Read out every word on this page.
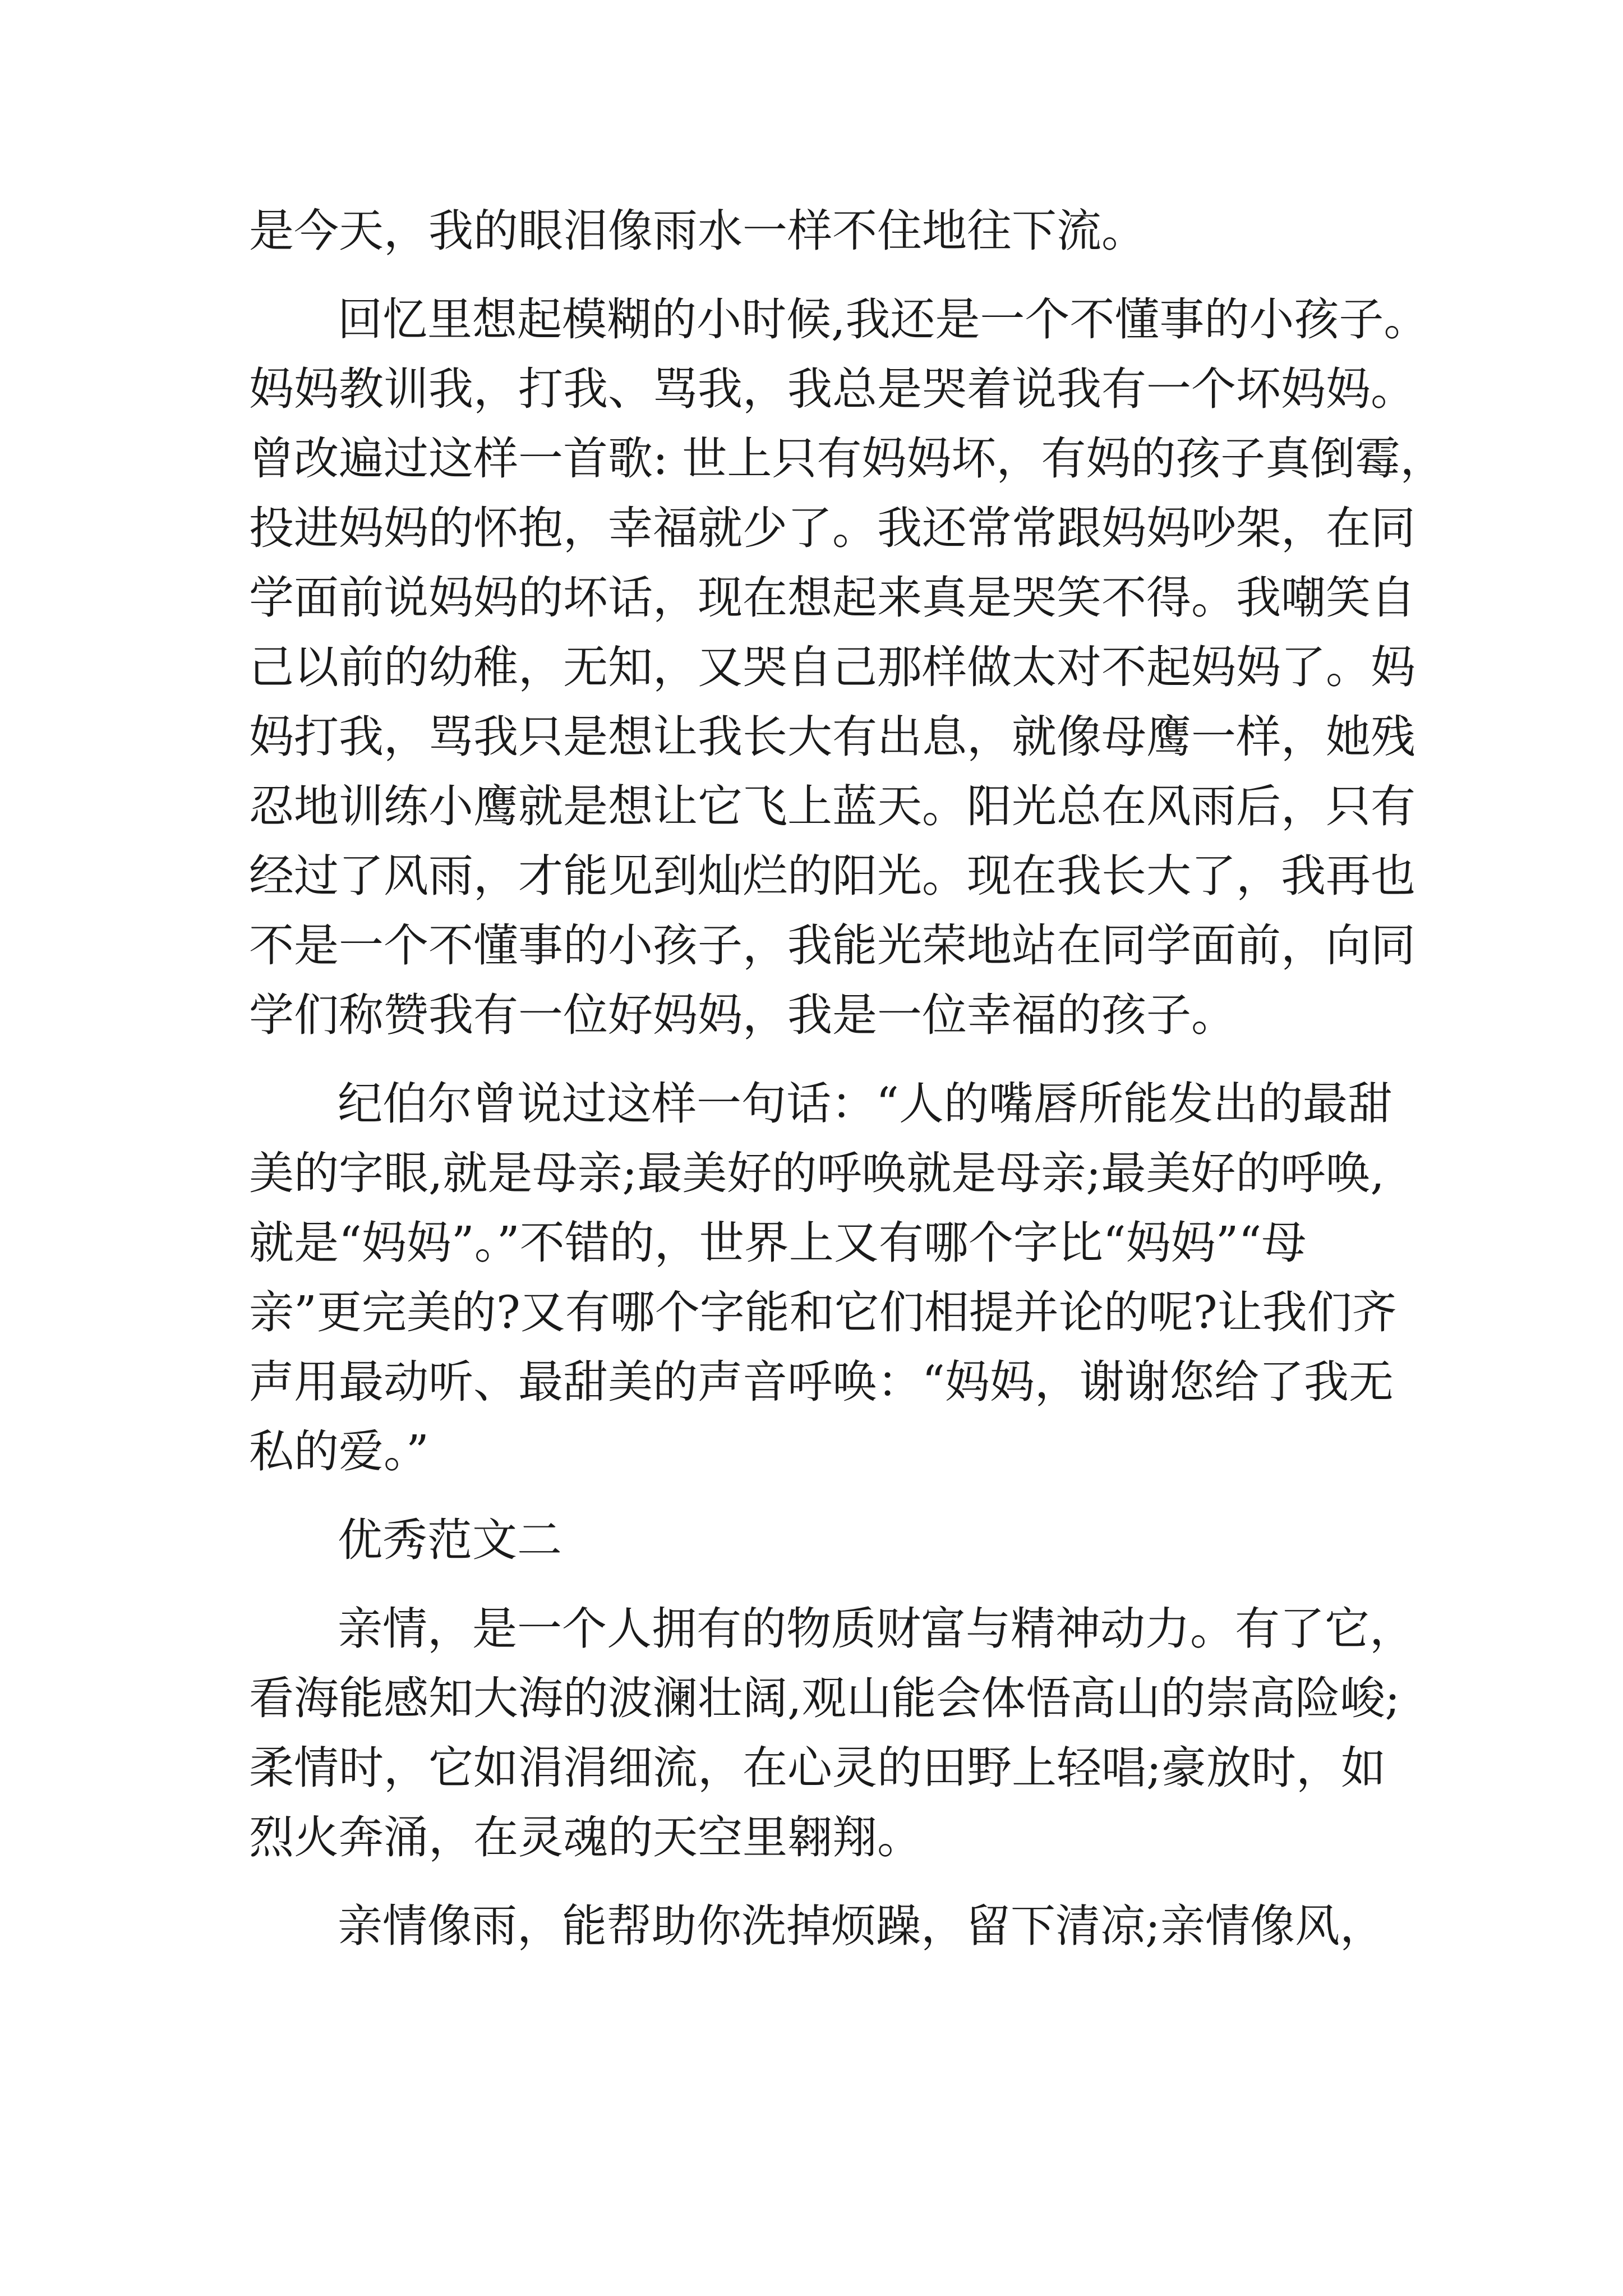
是今天，我的眼泪像雨水一样不住地往下流。
回忆里想起模糊的小时候,我还是一个不懂事的小孩子。
妈妈教训我，打我、骂我，我总是哭着说我有一个坏妈妈。
曾改遍过这样一首歌: 世上只有妈妈坏，有妈的孩子真倒霉，
投进妈妈的怀抱，幸福就少了。我还常常跟妈妈吵架，在同
学面前说妈妈的坏话，现在想起来真是哭笑不得。我嘲笑自
己以前的幼稚，无知，又哭自己那样做太对不起妈妈了。妈
妈打我，骂我只是想让我长大有出息，就像母鹰一样，她残
忍地训练小鹰就是想让它飞上蓝天。阳光总在风雨后，只有
经过了风雨，才能见到灿烂的阳光。现在我长大了，我再也
不是一个不懂事的小孩子，我能光荣地站在同学面前，向同
学们称赞我有一位好妈妈，我是一位幸福的孩子。
纪伯尔曾说过这样一句话：“人的嘴唇所能发出的最甜
美的字眼,就是母亲;最美好的呼唤就是母亲;最美好的呼唤,
就是“妈妈”。”不错的，世界上又有哪个字比“妈妈”“母
亲”更完美的?又有哪个字能和它们相提并论的呢?让我们齐
声用最动听、最甜美的声音呼唤：“妈妈，谢谢您给了我无
私的爱。”
优秀范文二
亲情，是一个人拥有的物质财富与精神动力。有了它，
看海能感知大海的波澜壮阔,观山能会体悟高山的崇高险峻;
柔情时，它如涓涓细流，在心灵的田野上轻唱;豪放时，如
烈火奔涌，在灵魂的天空里翱翔。
亲情像雨，能帮助你洗掉烦躁，留下清凉;亲情像风，
